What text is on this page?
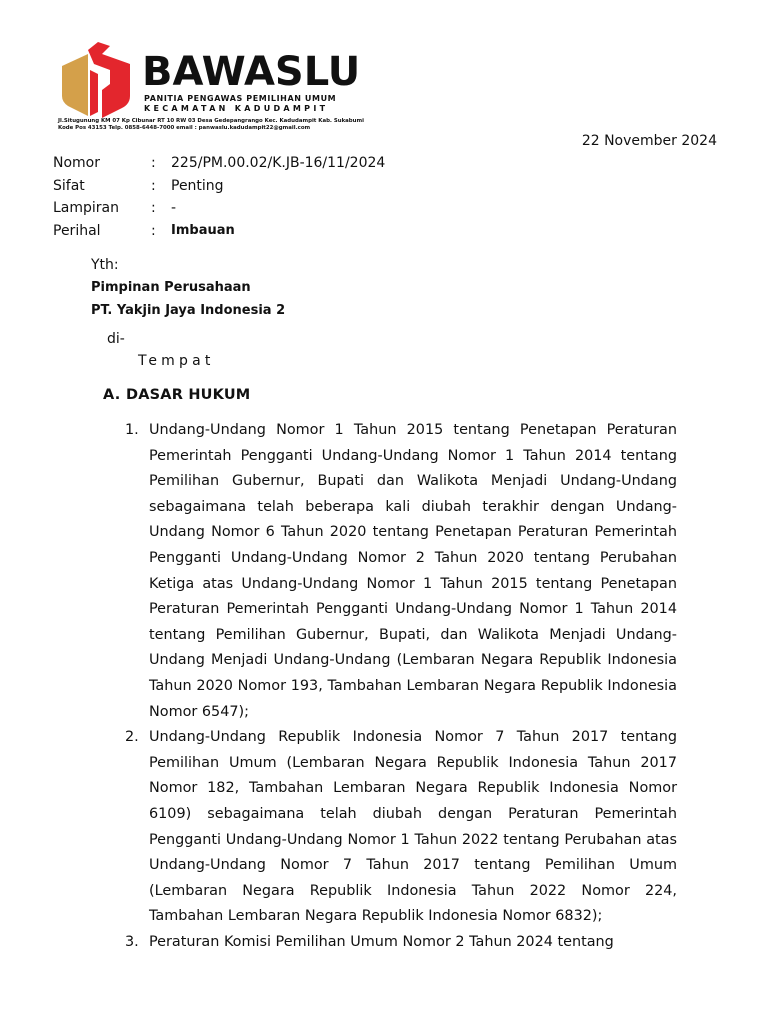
BAWASLU

PANITIA PENGAWAS PEMILIHAN UMUM

KECAMATAN KADUDAMPIT

Jl.Situgunung KM 07 Kp Cibunar RT 10 RW 03 Desa Gedepangrango Kec. Kadudampit Kab. Sukabumi

Kode Pos 43153 Telp. 0858-6448-7000 email : panwaslu.kadudampit22@gmail.com

22 November 2024

Nomor	:	225/PM.00.02/K.JB-16/11/2024
Sifat	:	Penting
Lampiran	:	-
Perihal	:	Imbauan

Yth:

Pimpinan Perusahaan

PT. Yakjin Jaya Indonesia 2

di-

Tempat

A. DASAR HUKUM
1. Undang-Undang Nomor 1 Tahun 2015 tentang Penetapan Peraturan Pemerintah Pengganti Undang-Undang Nomor 1 Tahun 2014 tentang Pemilihan Gubernur, Bupati dan Walikota Menjadi Undang-Undang sebagaimana telah beberapa kali diubah terakhir dengan Undang-Undang Nomor 6 Tahun 2020 tentang Penetapan Peraturan Pemerintah Pengganti Undang-Undang Nomor 2 Tahun 2020 tentang Perubahan Ketiga atas Undang-Undang Nomor 1 Tahun 2015 tentang Penetapan Peraturan Pemerintah Pengganti Undang-Undang Nomor 1 Tahun 2014 tentang Pemilihan Gubernur, Bupati, dan Walikota Menjadi Undang- Undang Menjadi Undang-Undang (Lembaran Negara Republik Indonesia Tahun 2020 Nomor 193, Tambahan Lembaran Negara Republik Indonesia Nomor 6547);
2. Undang-Undang Republik Indonesia Nomor 7 Tahun 2017 tentang Pemilihan Umum (Lembaran Negara Republik Indonesia Tahun 2017 Nomor 182, Tambahan Lembaran Negara Republik Indonesia Nomor 6109) sebagaimana telah diubah dengan Peraturan Pemerintah Pengganti Undang-Undang Nomor 1 Tahun 2022 tentang Perubahan atas Undang-Undang Nomor 7 Tahun 2017 tentang Pemilihan Umum (Lembaran Negara Republik Indonesia Tahun 2022 Nomor 224, Tambahan Lembaran Negara Republik Indonesia Nomor 6832);
3. Peraturan Komisi Pemilihan Umum Nomor 2 Tahun 2024 tentang
